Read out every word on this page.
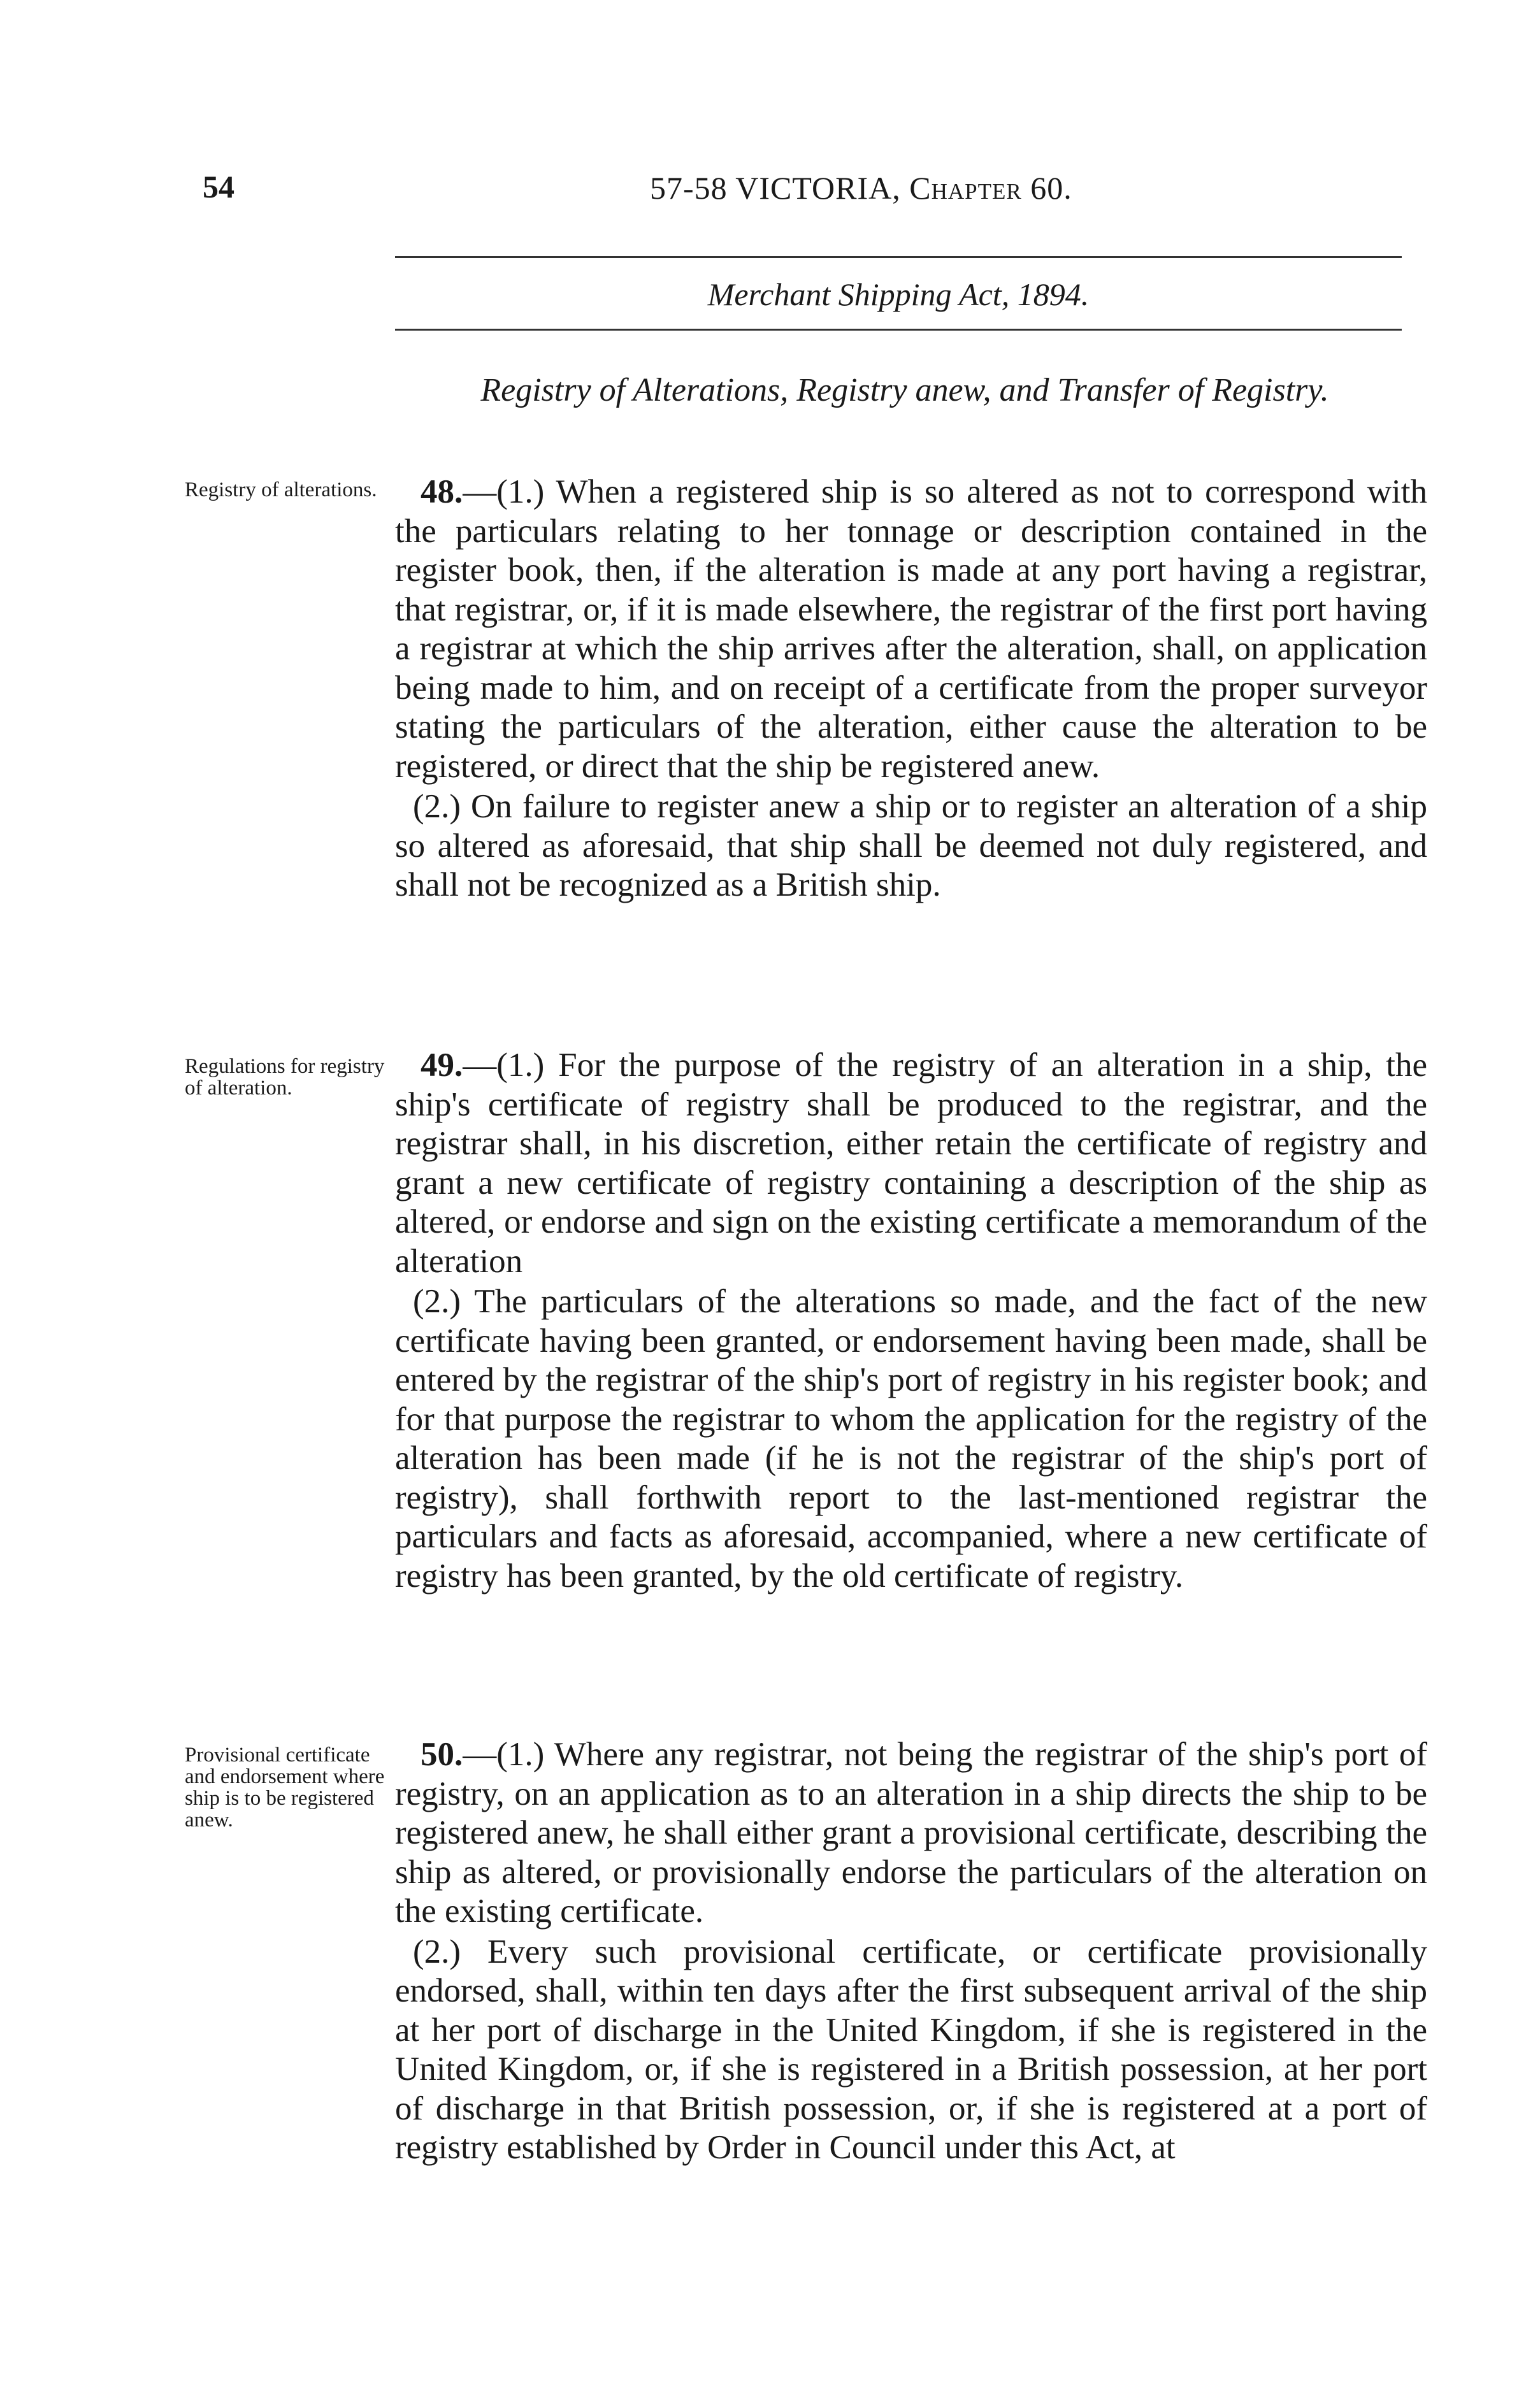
54	57-58 VICTORIA, Chapter 60.
Merchant Shipping Act, 1894.
Registry of Alterations, Registry anew, and Transfer of Registry.
Registry of alterations.	48.—(1.) When a registered ship is so altered as not to correspond with the particulars relating to her tonnage or description contained in the register book, then, if the alteration is made at any port having a registrar, that registrar, or, if it is made elsewhere, the registrar of the first port having a registrar at which the ship arrives after the alteration, shall, on application being made to him, and on receipt of a certificate from the proper surveyor stating the particulars of the alteration, either cause the alteration to be registered, or direct that the ship be registered anew.

(2.) On failure to register anew a ship or to register an alteration of a ship so altered as aforesaid, that ship shall be deemed not duly registered, and shall not be recognized as a British ship.

Regulations for registry of alteration.

49.—(1.) For the purpose of the registry of an alteration in a ship, the ship's certificate of registry shall be produced to the registrar, and the registrar shall, in his discretion, either retain the certificate of registry and grant a new certificate of registry containing a description of the ship as altered, or endorse and sign on the existing certificate a memorandum of the alteration

(2.) The particulars of the alterations so made, and the fact of the new certificate having been granted, or endorsement having been made, shall be entered by the registrar of the ship's port of registry in his register book; and for that purpose the registrar to whom the application for the registry of the alteration has been made (if he is not the registrar of the ship's port of registry), shall forthwith report to the last-mentioned registrar the particulars and facts as aforesaid, accompanied, where a new certificate of registry has been granted, by the old certificate of registry.

Provisional certificate and endorsement where ship is to be registered anew.

50.—(1.) Where any registrar, not being the registrar of the ship's port of registry, on an application as to an alteration in a ship directs the ship to be registered anew, he shall either grant a provisional certificate, describing the ship as altered, or provisionally endorse the particulars of the alteration on the existing certificate.

(2.) Every such provisional certificate, or certificate provisionally endorsed, shall, within ten days after the first subsequent arrival of the ship at her port of discharge in the United Kingdom, if she is registered in the United Kingdom, or, if she is registered in a British possession, at her port of discharge in that British possession, or, if she is registered at a port of registry established by Order in Council under this Act, at
